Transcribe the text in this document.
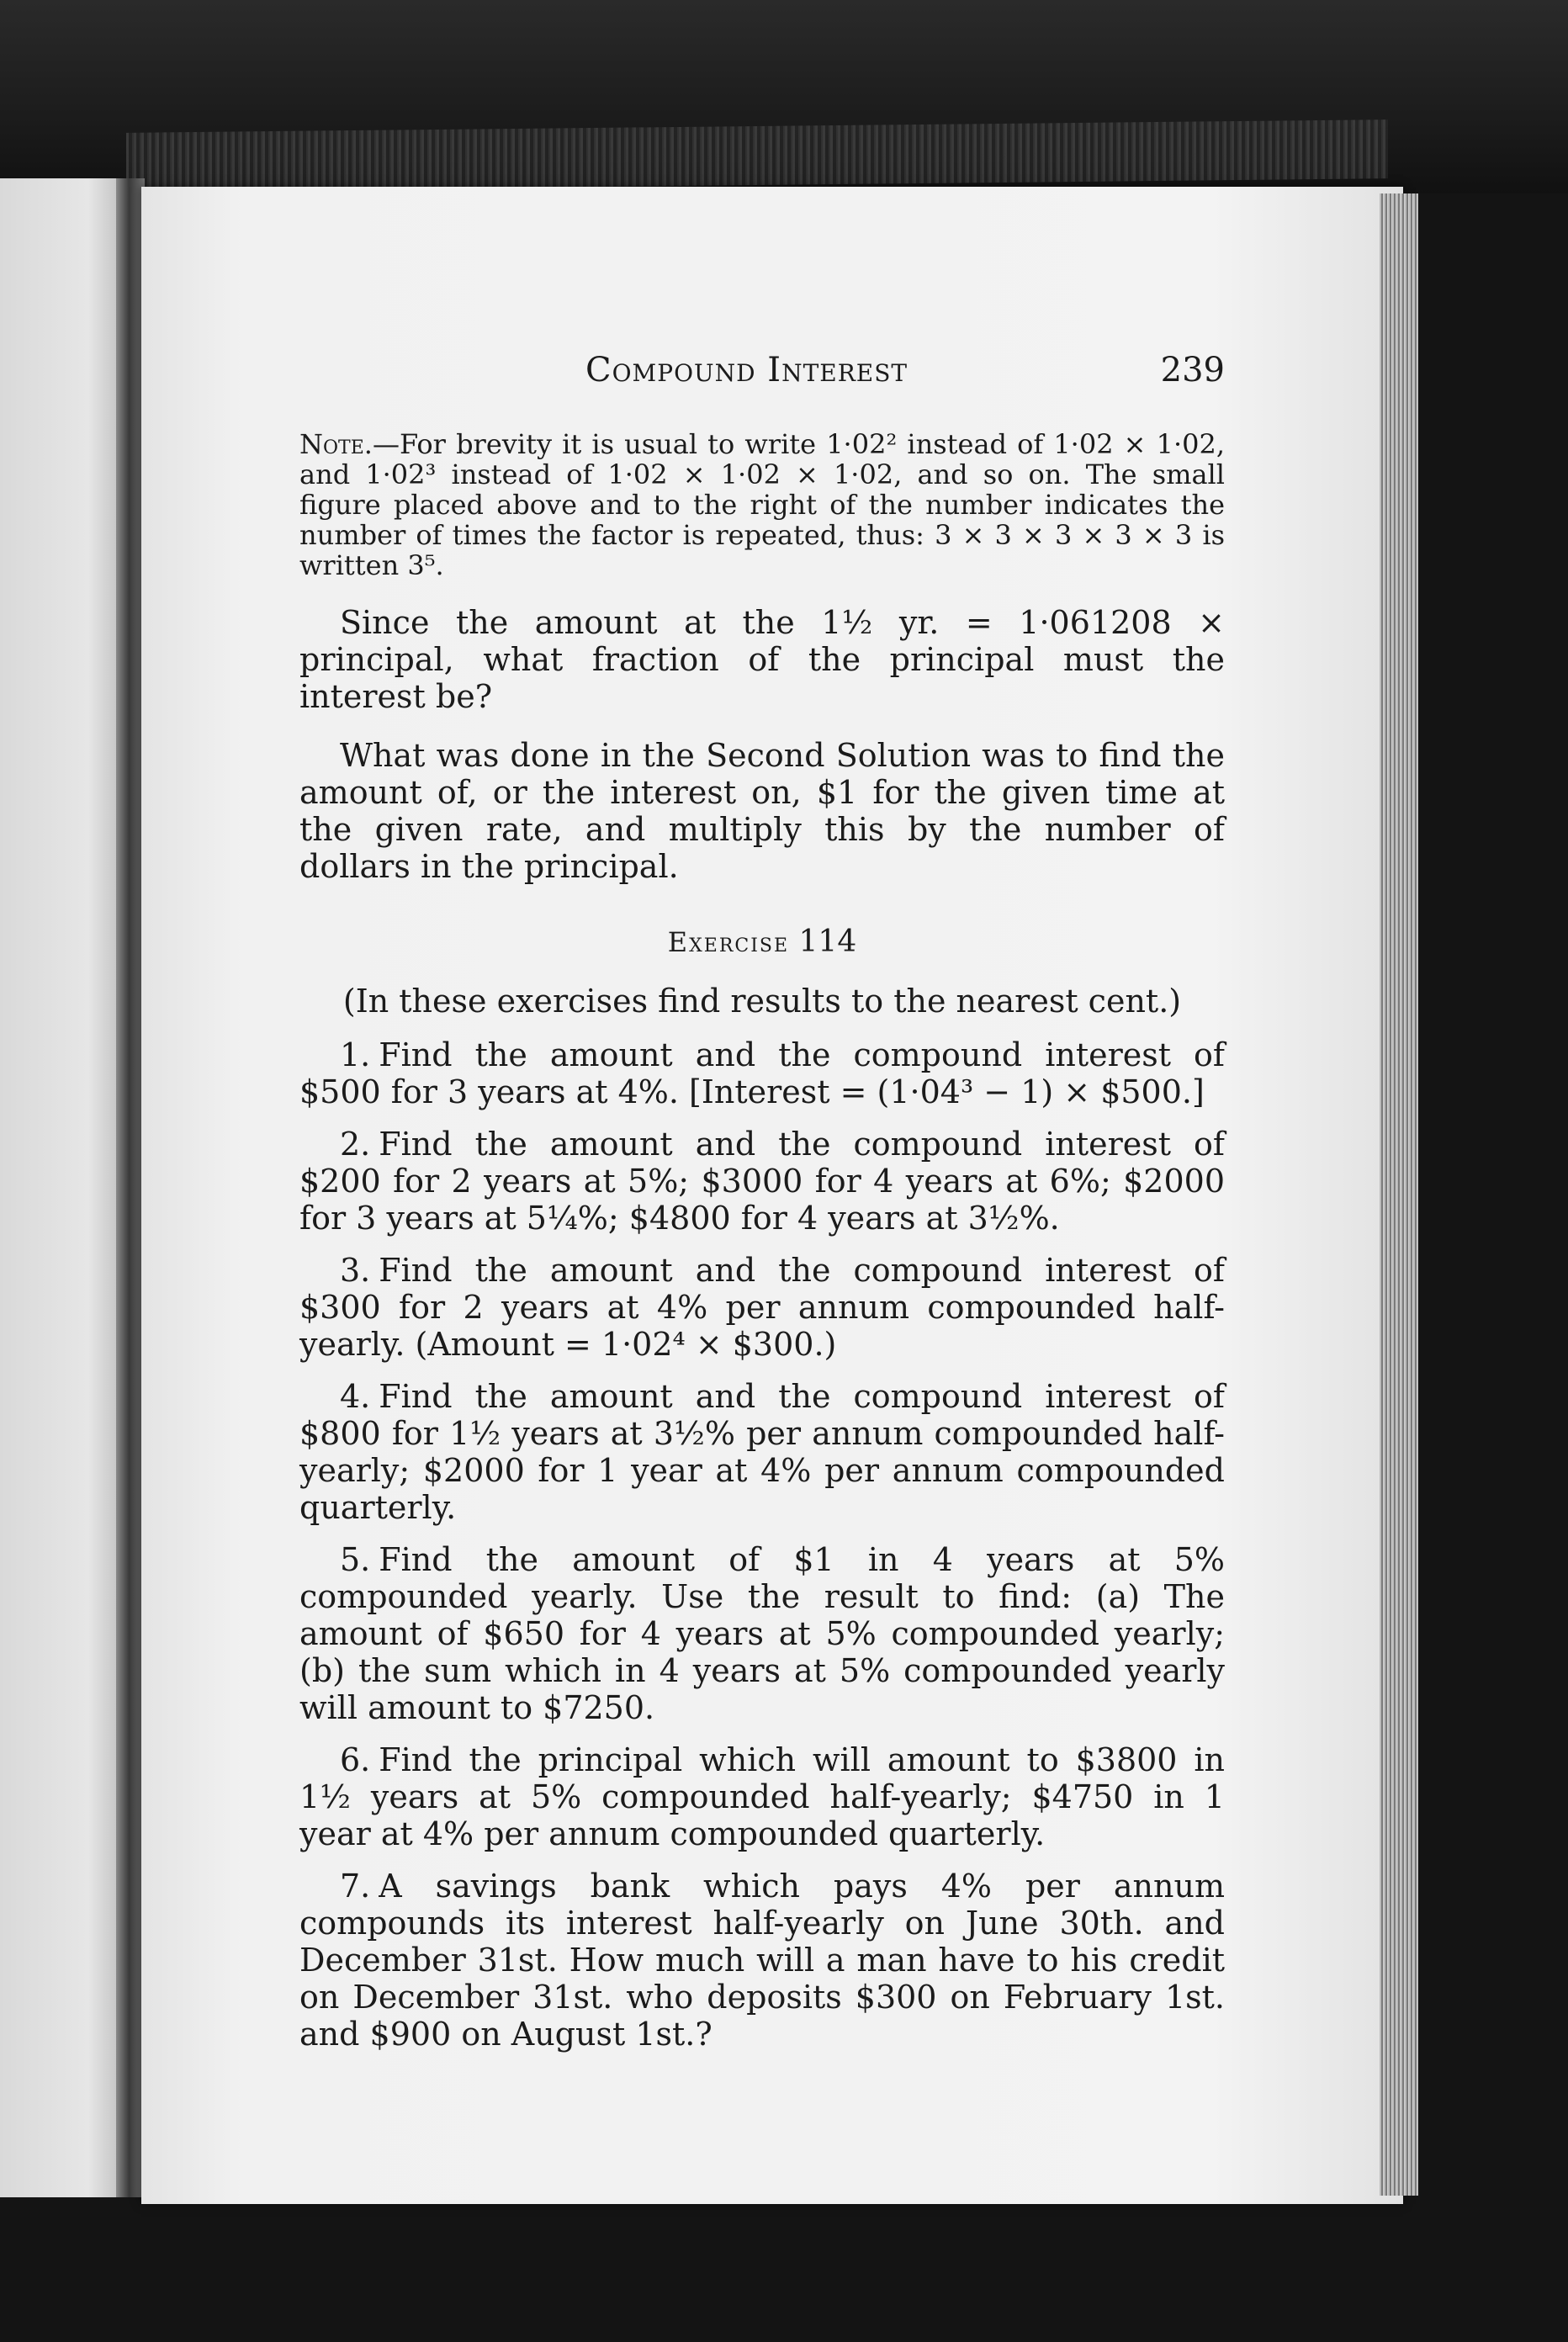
Compound Interest	239
Note.—For brevity it is usual to write 1·02² instead of 1·02 × 1·02, and 1·02³ instead of 1·02 × 1·02 × 1·02, and so on. The small figure placed above and to the right of the number indicates the number of times the factor is repeated, thus: 3 × 3 × 3 × 3 × 3 is written 3⁵.

Since the amount at the 1½ yr. = 1·061208 × principal, what fraction of the principal must the interest be?

What was done in the Second Solution was to find the amount of, or the interest on, $1 for the given time at the given rate, and multiply this by the number of dollars in the principal.

Exercise 114
(In these exercises find results to the nearest cent.)
1. Find the amount and the compound interest of $500 for 3 years at 4%. [Interest = (1·04³ − 1) × $500.]
2. Find the amount and the compound interest of $200 for 2 years at 5%; $3000 for 4 years at 6%; $2000 for 3 years at 5¼%; $4800 for 4 years at 3½%.
3. Find the amount and the compound interest of $300 for 2 years at 4% per annum compounded half-yearly. (Amount = 1·02⁴ × $300.)
4. Find the amount and the compound interest of $800 for 1½ years at 3½% per annum compounded half-yearly; $2000 for 1 year at 4% per annum compounded quarterly.
5. Find the amount of $1 in 4 years at 5% compounded yearly. Use the result to find: (a) The amount of $650 for 4 years at 5% compounded yearly; (b) the sum which in 4 years at 5% compounded yearly will amount to $7250.
6. Find the principal which will amount to $3800 in 1½ years at 5% compounded half-yearly; $4750 in 1 year at 4% per annum compounded quarterly.
7. A savings bank which pays 4% per annum compounds its interest half-yearly on June 30th. and December 31st. How much will a man have to his credit on December 31st. who deposits $300 on February 1st. and $900 on August 1st.?
